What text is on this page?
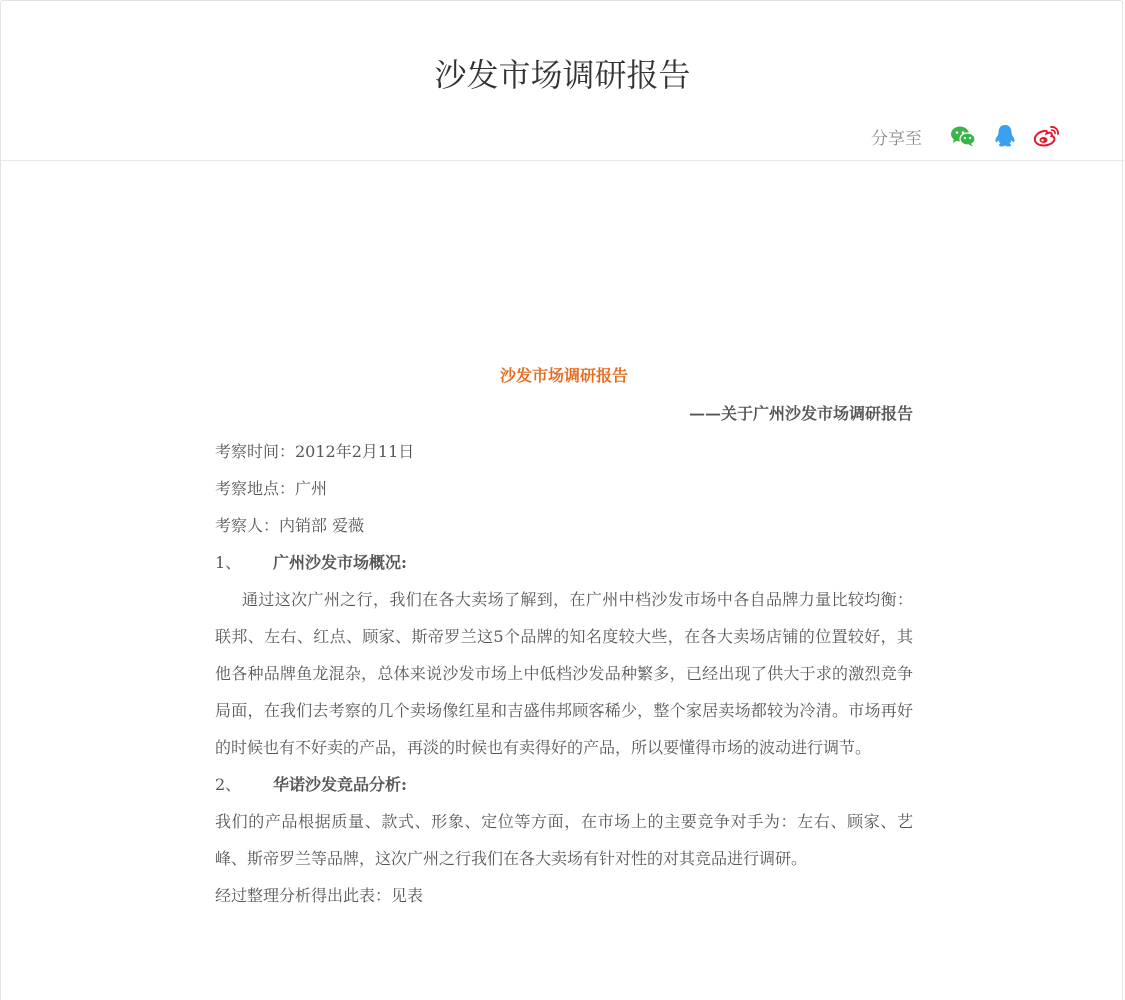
沙发市场调研报告
分享至

沙发市场调研报告

——关于广州沙发市场调研报告

考察时间：2012年2月11日

考察地点：广州

考察人：内销部 爱薇

1、	广州沙发市场概况:

通过这次广州之行，我们在各大卖场了解到，在广州中档沙发市场中各自品牌力量比较均衡：联邦、左右、红点、顾家、斯帝罗兰这5个品牌的知名度较大些，在各大卖场店铺的位置较好，其他各种品牌鱼龙混杂，总体来说沙发市场上中低档沙发品种繁多，已经出现了供大于求的激烈竞争局面，在我们去考察的几个卖场像红星和吉盛伟邦顾客稀少，整个家居卖场都较为冷清。市场再好的时候也有不好卖的产品，再淡的时候也有卖得好的产品，所以要懂得市场的波动进行调节。

2、	华诺沙发竞品分析:

我们的产品根据质量、款式、形象、定位等方面，在市场上的主要竞争对手为：左右、顾家、艺峰、斯帝罗兰等品牌，这次广州之行我们在各大卖场有针对性的对其竞品进行调研。

经过整理分析得出此表：见表
